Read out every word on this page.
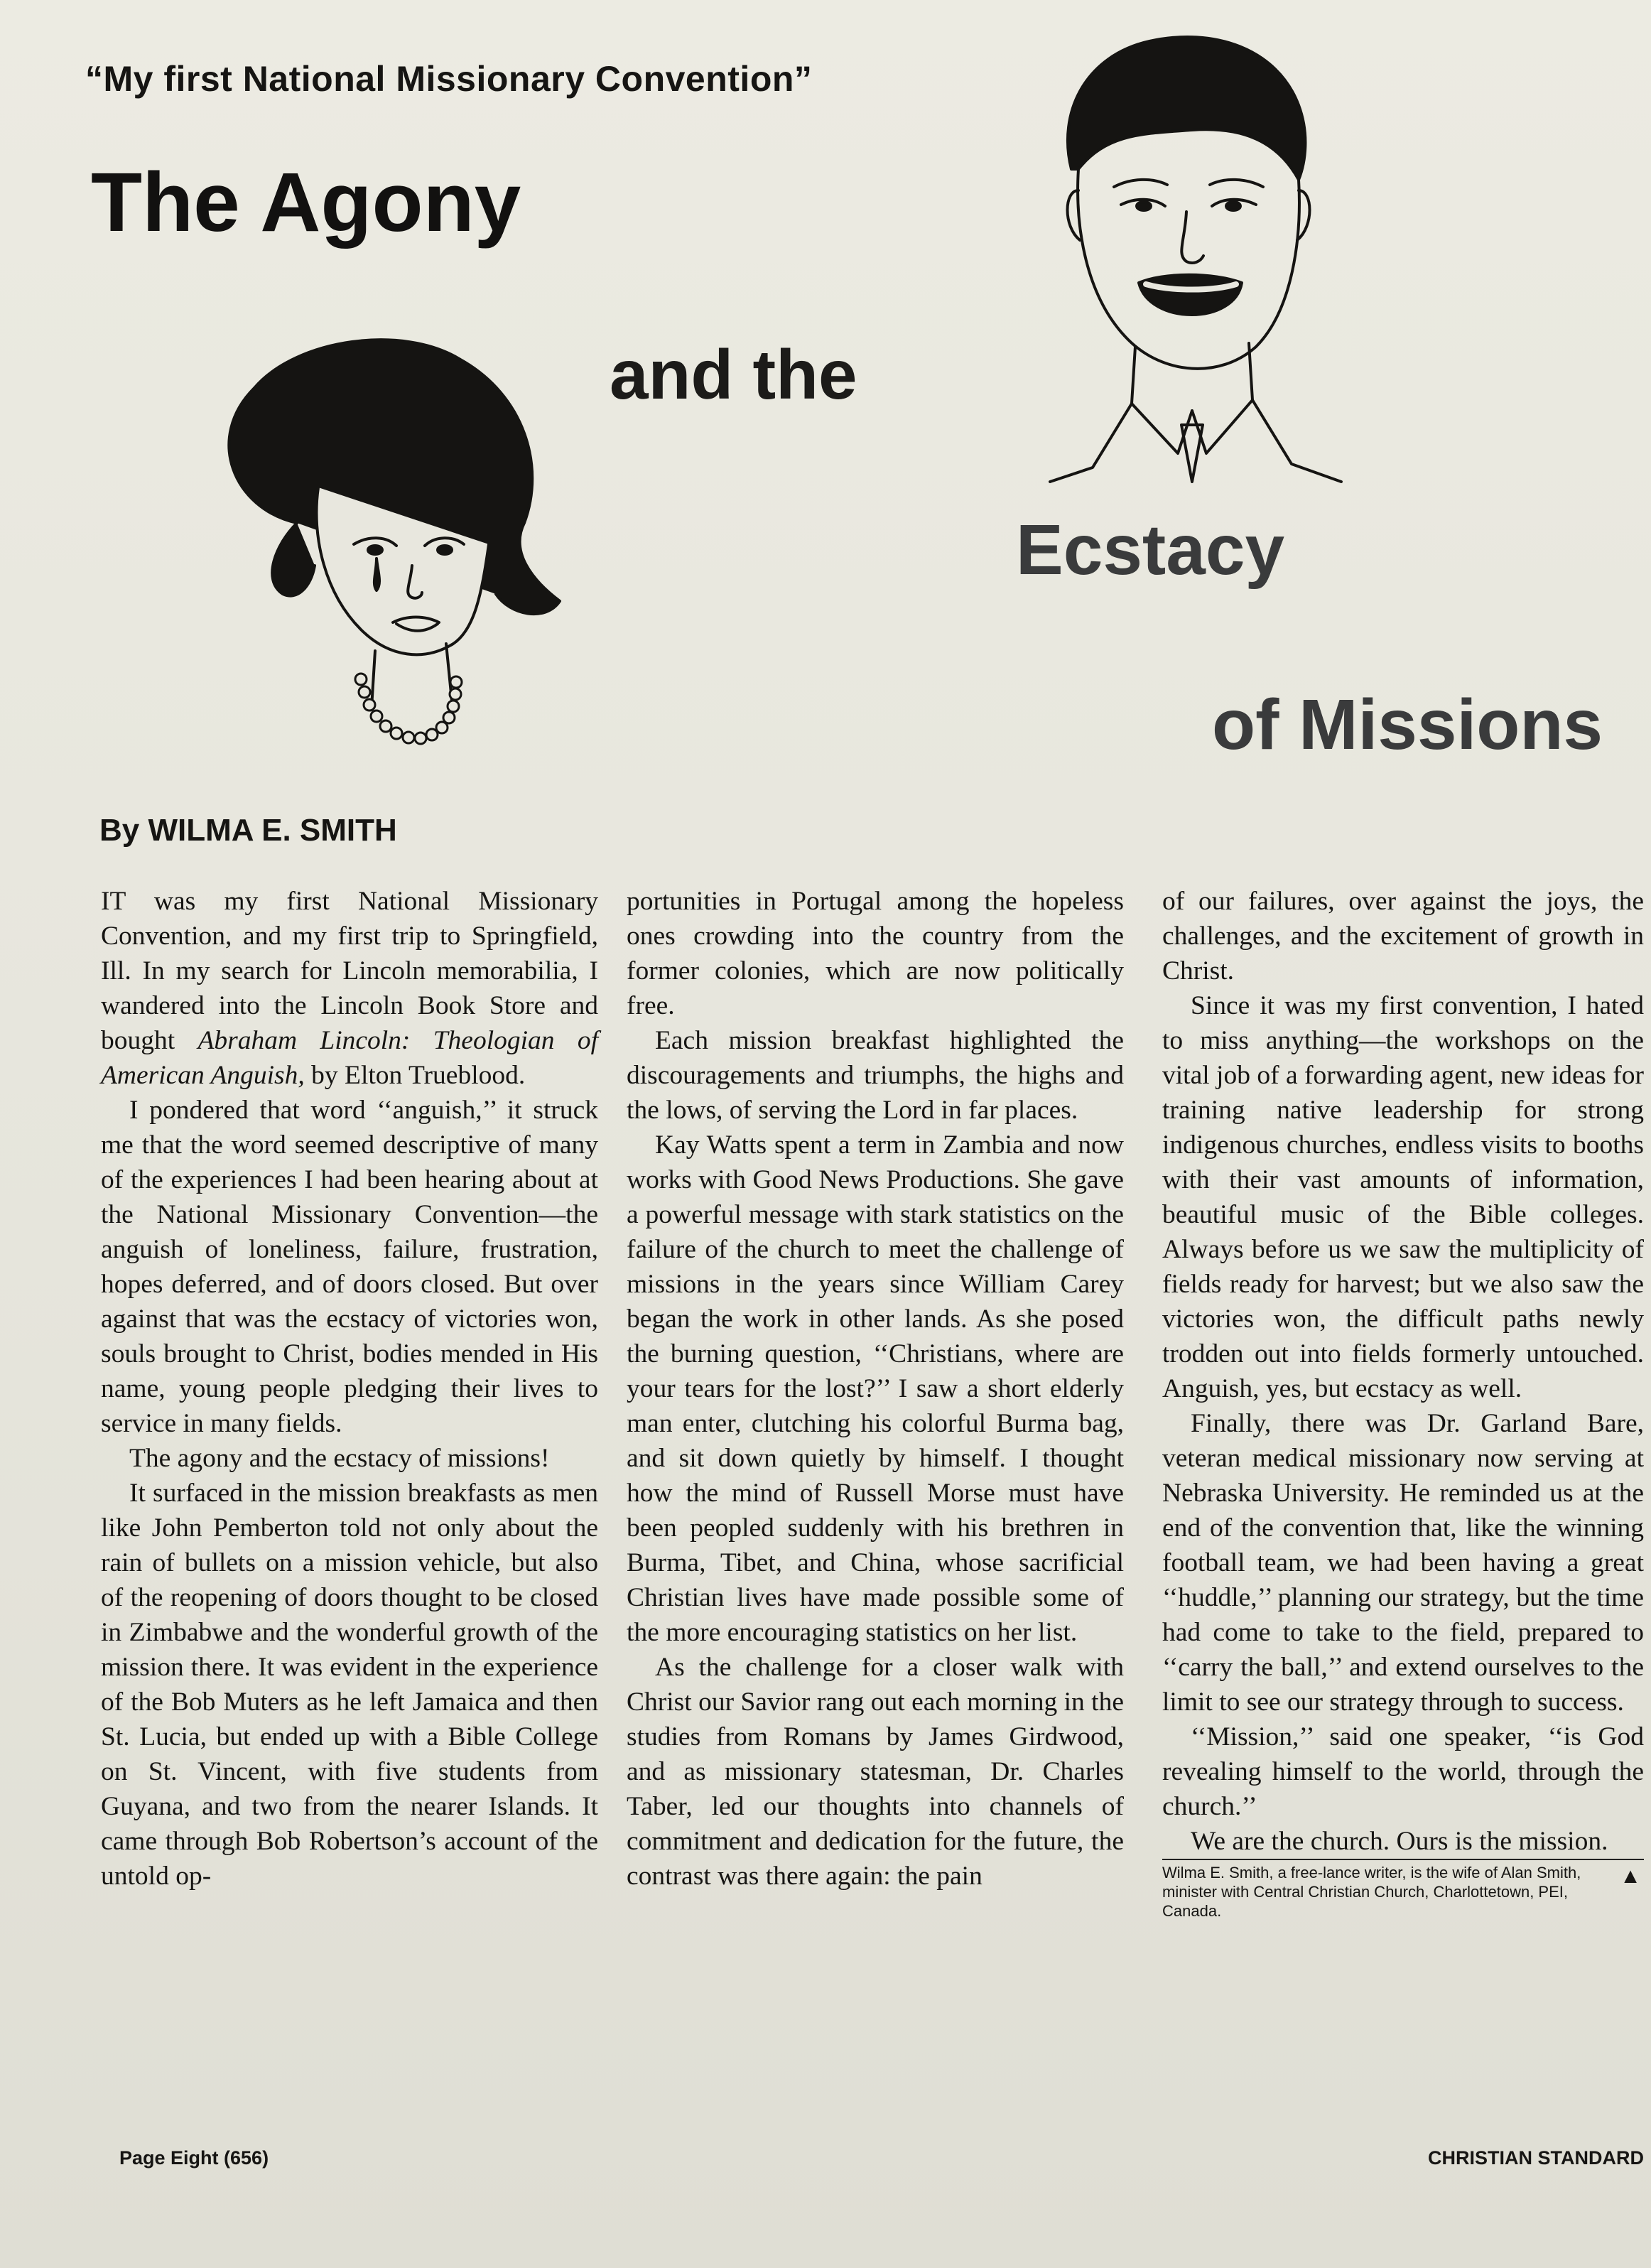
“My first National Missionary Convention”
The Agony
and the
Ecstacy
of Missions
By WILMA E. SMITH

IT was my first National Missionary Convention, and my first trip to Springfield, Ill. In my search for Lincoln memorabilia, I wandered into the Lincoln Book Store and bought Abraham Lincoln: Theologian of American Anguish, by Elton Trueblood.

I pondered that word ‘‘anguish,’’ it struck me that the word seemed descriptive of many of the experiences I had been hearing about at the National Missionary Convention—the anguish of loneliness, failure, frustration, hopes deferred, and of doors closed. But over against that was the ecstacy of victories won, souls brought to Christ, bodies mended in His name, young people pledging their lives to service in many fields.

The agony and the ecstacy of missions!

It surfaced in the mission breakfasts as men like John Pemberton told not only about the rain of bullets on a mission vehicle, but also of the reopening of doors thought to be closed in Zimbabwe and the wonderful growth of the mission there. It was evident in the experience of the Bob Muters as he left Jamaica and then St. Lucia, but ended up with a Bible College on St. Vincent, with five students from Guyana, and two from the nearer Islands. It came through Bob Robertson’s account of the untold op-

portunities in Portugal among the hopeless ones crowding into the country from the former colonies, which are now politically free.

Each mission breakfast highlighted the discouragements and triumphs, the highs and the lows, of serving the Lord in far places.

Kay Watts spent a term in Zambia and now works with Good News Productions. She gave a powerful message with stark statistics on the failure of the church to meet the challenge of missions in the years since William Carey began the work in other lands. As she posed the burning question, ‘‘Christians, where are your tears for the lost?’’ I saw a short elderly man enter, clutching his colorful Burma bag, and sit down quietly by himself. I thought how the mind of Russell Morse must have been peopled suddenly with his brethren in Burma, Tibet, and China, whose sacrificial Christian lives have made possible some of the more encouraging statistics on her list.

As the challenge for a closer walk with Christ our Savior rang out each morning in the studies from Romans by James Girdwood, and as missionary statesman, Dr. Charles Taber, led our thoughts into channels of commitment and dedication for the future, the contrast was there again: the pain

of our failures, over against the joys, the challenges, and the excitement of growth in Christ.

Since it was my first convention, I hated to miss anything—the workshops on the vital job of a forwarding agent, new ideas for training native leadership for strong indigenous churches, endless visits to booths with their vast amounts of information, beautiful music of the Bible colleges. Always before us we saw the multiplicity of fields ready for harvest; but we also saw the victories won, the difficult paths newly trodden out into fields formerly untouched. Anguish, yes, but ecstacy as well.

Finally, there was Dr. Garland Bare, veteran medical missionary now serving at Nebraska University. He reminded us at the end of the convention that, like the winning football team, we had been having a great ‘‘huddle,’’ planning our strategy, but the time had come to take to the field, prepared to ‘‘carry the ball,’’ and extend ourselves to the limit to see our strategy through to success.

‘‘Mission,’’ said one speaker, ‘‘is God revealing himself to the world, through the church.’’

We are the church. Ours is the mission.
▲

Wilma E. Smith, a free-lance writer, is the wife of Alan Smith, minister with Central Christian Church, Charlottetown, PEI, Canada.

Page Eight (656)	CHRISTIAN STANDARD
